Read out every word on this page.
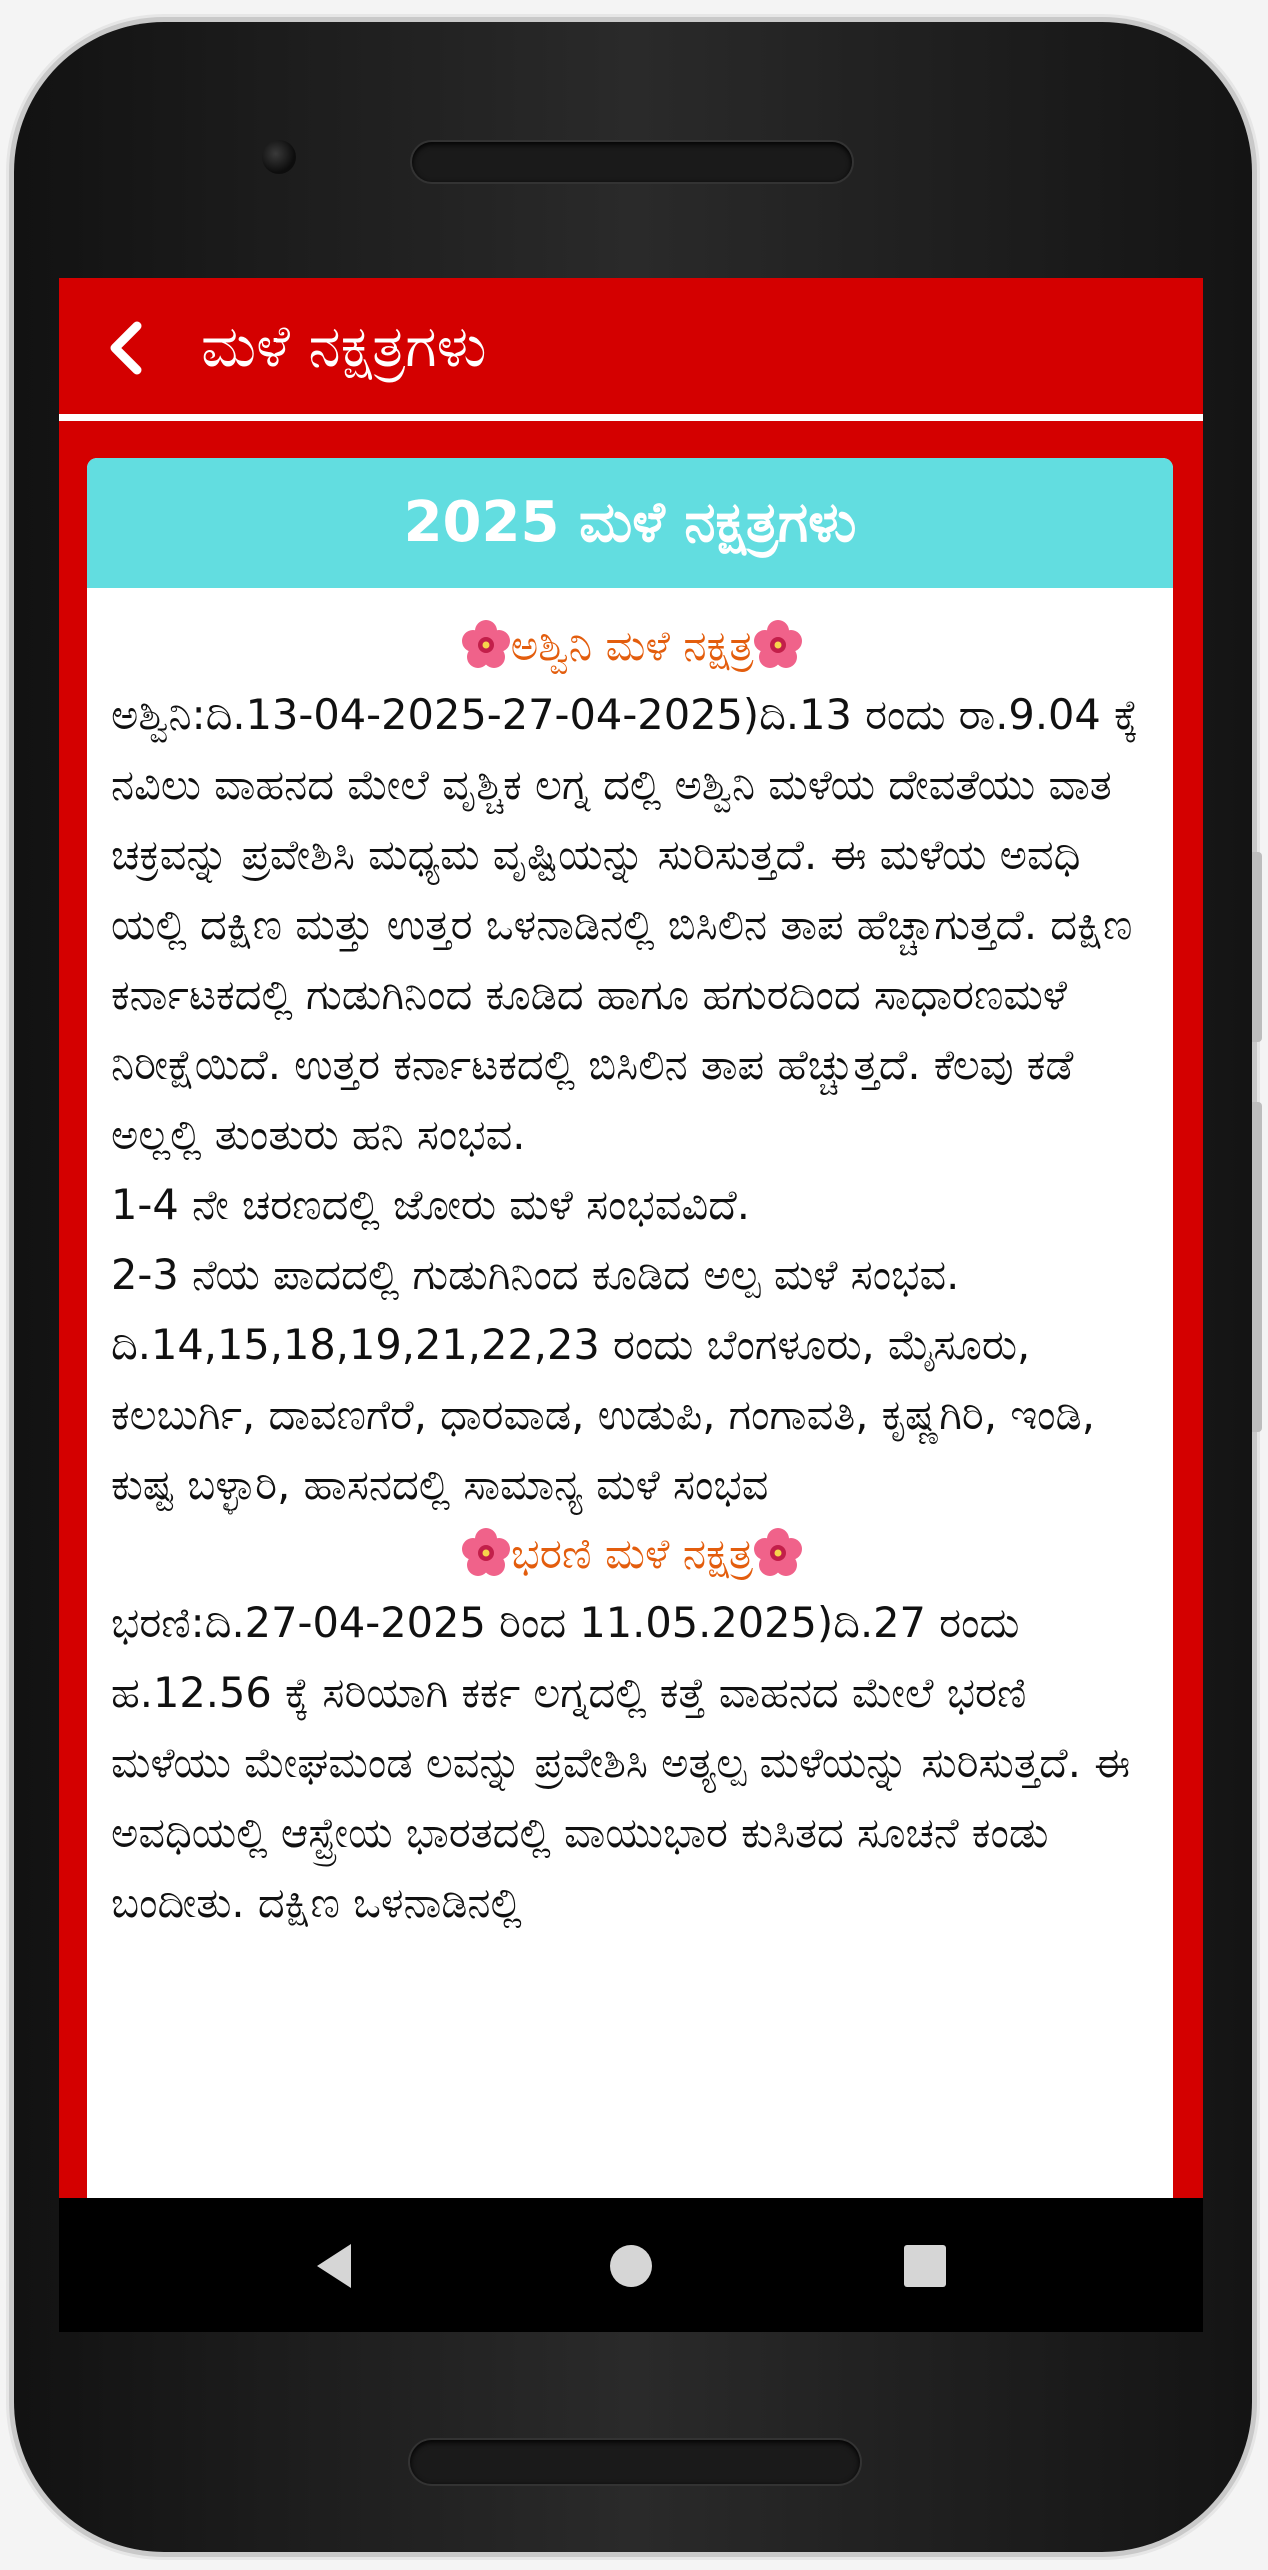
ಮಳೆ ನಕ್ಷತ್ರಗಳು
2025 ಮಳೆ ನಕ್ಷತ್ರಗಳು
ಅಶ್ವಿನಿ ಮಳೆ ನಕ್ಷತ್ರ

ಅಶ್ವಿನಿ:ದಿ.13-04-2025-27-04-2025)ದಿ.13 ರಂದು ರಾ.9.04 ಕ್ಕೆ ನವಿಲು ವಾಹನದ ಮೇಲೆ ವೃಶ್ಚಿಕ ಲಗ್ನ ದಲ್ಲಿ ಅಶ್ವಿನಿ ಮಳೆಯ ದೇವತೆಯು ವಾತ ಚಕ್ರವನ್ನು ಪ್ರವೇಶಿಸಿ ಮಧ್ಯಮ ವೃಷ್ಟಿಯನ್ನು ಸುರಿಸುತ್ತದೆ. ಈ ಮಳೆಯ ಅವಧಿ ಯಲ್ಲಿ ದಕ್ಷಿಣ ಮತ್ತು ಉತ್ತರ ಒಳನಾಡಿನಲ್ಲಿ ಬಿಸಿಲಿನ ತಾಪ ಹೆಚ್ಚಾಗುತ್ತದೆ. ದಕ್ಷಿಣ ಕರ್ನಾಟಕದಲ್ಲಿ ಗುಡುಗಿನಿಂದ ಕೂಡಿದ ಹಾಗೂ ಹಗುರದಿಂದ ಸಾಧಾರಣಮಳೆ ನಿರೀಕ್ಷೆಯಿದೆ. ಉತ್ತರ ಕರ್ನಾಟಕದಲ್ಲಿ ಬಿಸಿಲಿನ ತಾಪ ಹೆಚ್ಚುತ್ತದೆ. ಕೆಲವು ಕಡೆ ಅಲ್ಲಲ್ಲಿ ತುಂತುರು ಹನಿ ಸಂಭವ.

1-4 ನೇ ಚರಣದಲ್ಲಿ ಜೋರು ಮಳೆ ಸಂಭವವಿದೆ.

2-3 ನೆಯ ಪಾದದಲ್ಲಿ ಗುಡುಗಿನಿಂದ ಕೂಡಿದ ಅಲ್ಪ ಮಳೆ ಸಂಭವ. ದಿ.14,15,18,19,21,22,23 ರಂದು ಬೆಂಗಳೂರು, ಮೈಸೂರು, ಕಲಬುರ್ಗಿ, ದಾವಣಗೆರೆ, ಧಾರವಾಡ, ಉಡುಪಿ, ಗಂಗಾವತಿ, ಕೃಷ್ಣಗಿರಿ, ಇಂಡಿ, ಕುಷ್ಟ ಬಳ್ಳಾರಿ, ಹಾಸನದಲ್ಲಿ ಸಾಮಾನ್ಯ ಮಳೆ ಸಂಭವ

ಭರಣಿ ಮಳೆ ನಕ್ಷತ್ರ

ಭರಣಿ:ದಿ.27-04-2025 ರಿಂದ 11.05.2025)ದಿ.27 ರಂದು ಹ.12.56 ಕ್ಕೆ ಸರಿಯಾಗಿ ಕರ್ಕ ಲಗ್ನದಲ್ಲಿ ಕತ್ತೆ ವಾಹನದ ಮೇಲೆ ಭರಣಿ ಮಳೆಯು ಮೇಘಮಂಡ ಲವನ್ನು ಪ್ರವೇಶಿಸಿ ಅತ್ಯಲ್ಪ ಮಳೆಯನ್ನು ಸುರಿಸುತ್ತದೆ. ಈ ಅವಧಿಯಲ್ಲಿ ಆಸ್ಟ್ರೇಯ ಭಾರತದಲ್ಲಿ ವಾಯುಭಾರ ಕುಸಿತದ ಸೂಚನೆ ಕಂಡು ಬಂದೀತು. ದಕ್ಷಿಣ ಒಳನಾಡಿನಲ್ಲಿ
